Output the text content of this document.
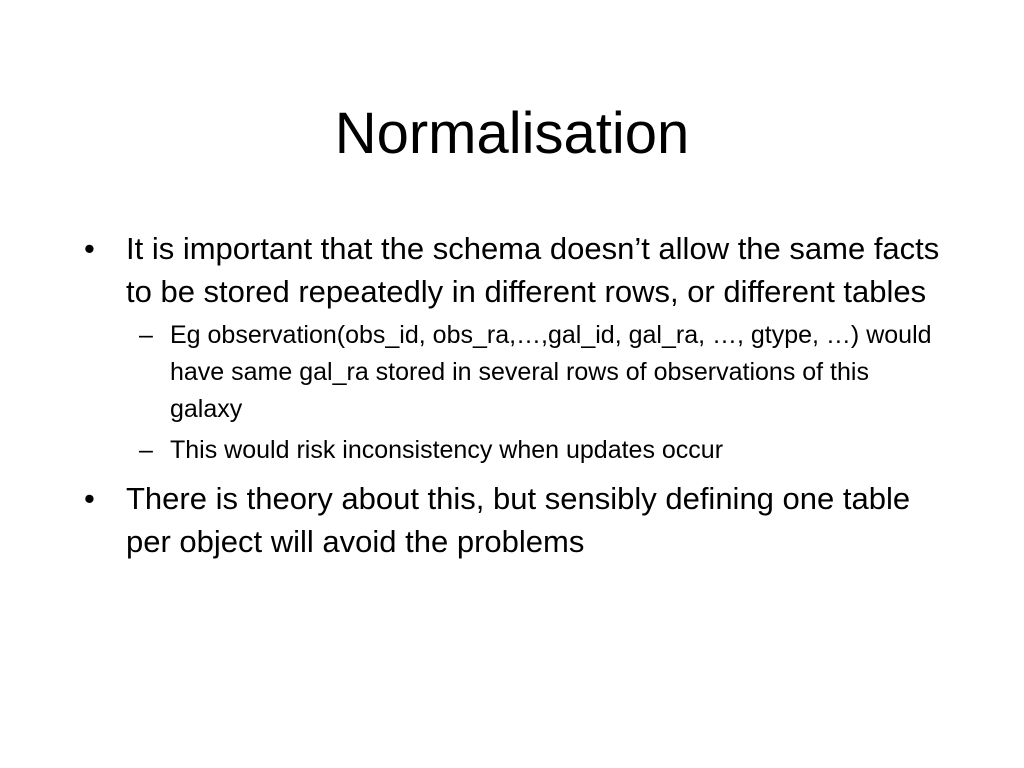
Normalisation
•	It is important that the schema doesn’t allow the same facts to be stored repeatedly in different rows, or different tables
– Eg observation(obs_id, obs_ra,…,gal_id, gal_ra, …, gtype, …) would have same gal_ra stored in several rows of observations of this galaxy
– This would risk inconsistency when updates occur
•	There is theory about this, but sensibly defining one table per object will avoid the problems
